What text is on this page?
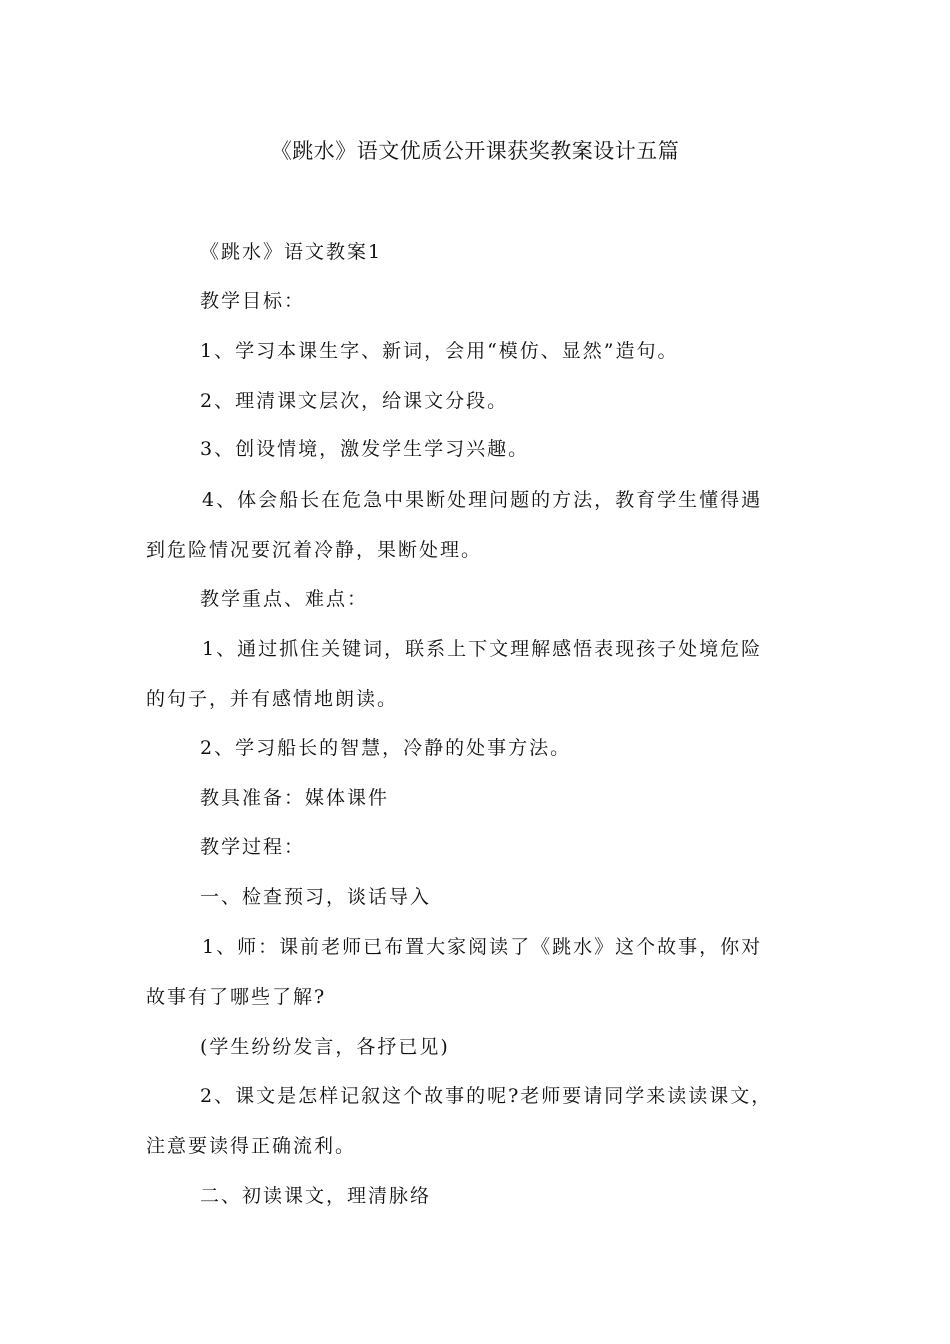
《跳水》语文优质公开课获奖教案设计五篇
《跳水》语文教案1
教学目标：
1、学习本课生字、新词，会用“模仿、显然”造句。
2、理清课文层次，给课文分段。
3、创设情境，激发学生学习兴趣。
4、体会船长在危急中果断处理问题的方法，教育学生懂得遇
到危险情况要沉着冷静，果断处理。
教学重点、难点：
1、通过抓住关键词，联系上下文理解感悟表现孩子处境危险
的句子，并有感情地朗读。
2、学习船长的智慧，冷静的处事方法。
教具准备：媒体课件
教学过程：
一、检查预习，谈话导入
1、师：课前老师已布置大家阅读了《跳水》这个故事，你对
故事有了哪些了解?
(学生纷纷发言，各抒已见)
2、课文是怎样记叙这个故事的呢?老师要请同学来读读课文，
注意要读得正确流利。
二、初读课文，理清脉络
